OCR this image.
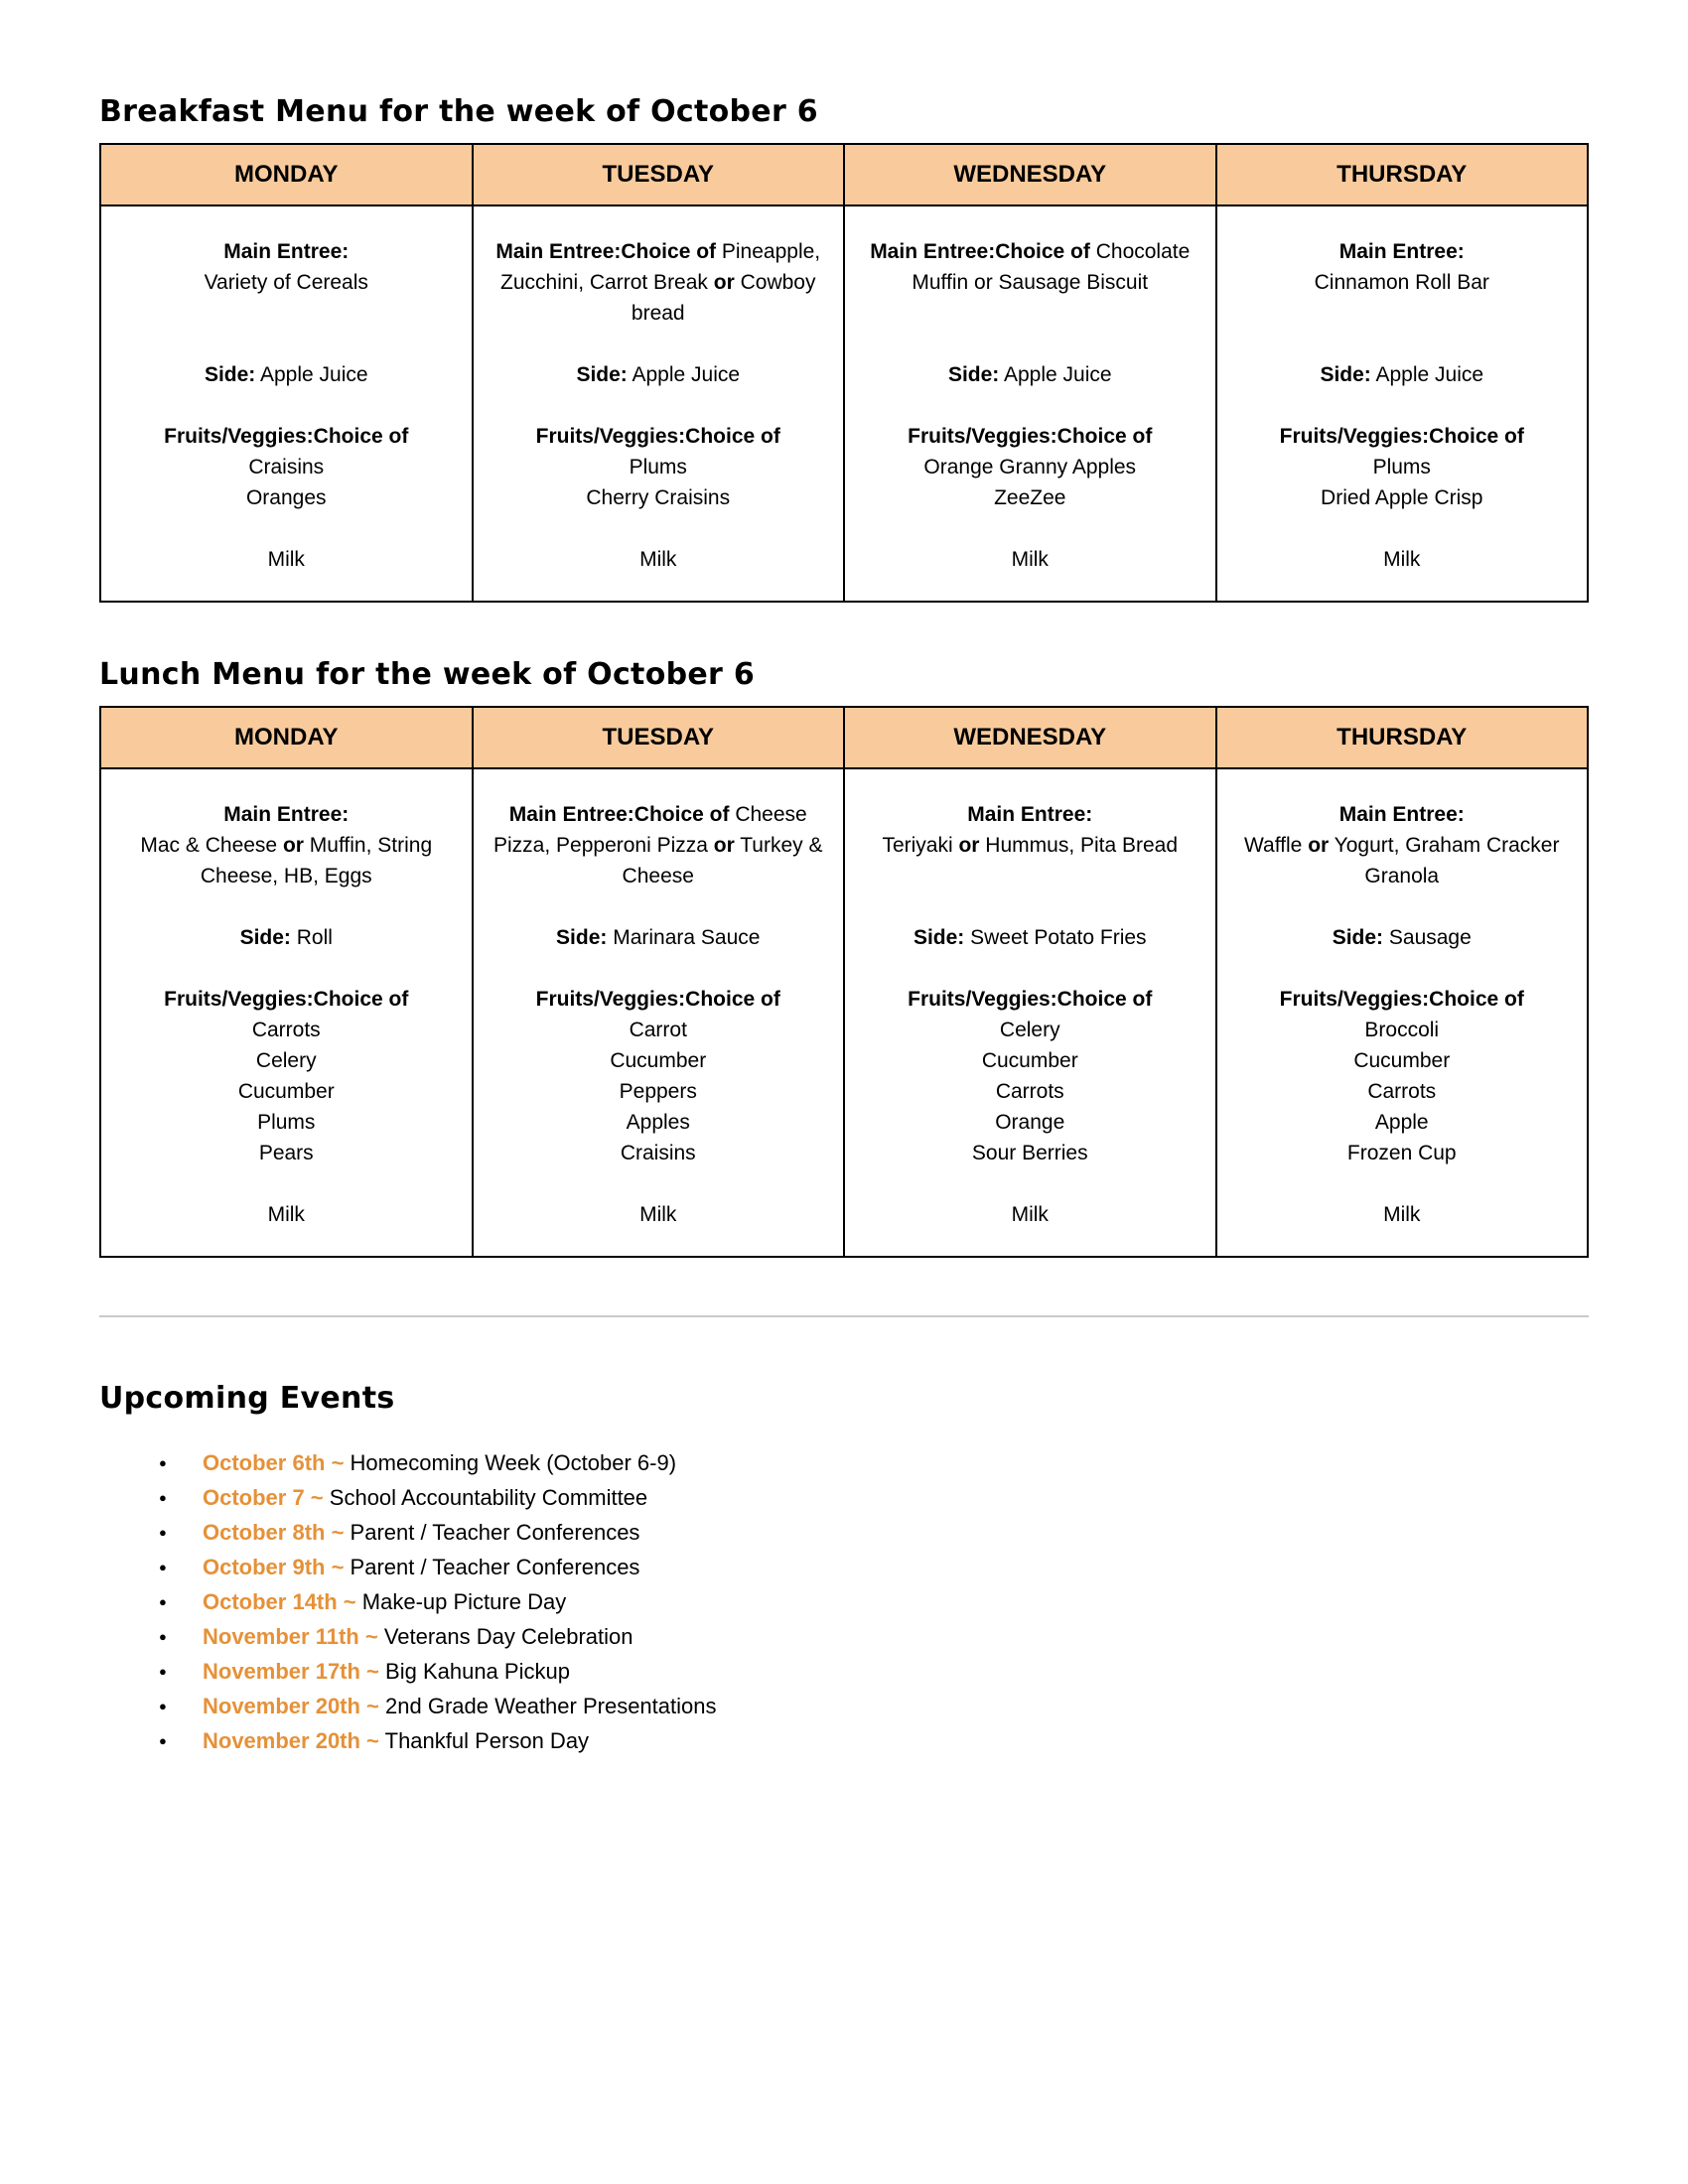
Breakfast Menu for the week of October 6
MONDAY	TUESDAY	WEDNESDAY	THURSDAY

Main Entree:
Variety of Cereals
Side: Apple Juice
Fruits/Veggies:Choice of
Craisins
Oranges
Milk

Main Entree:Choice of Pineapple, Zucchini, Carrot Break or Cowboy bread
Side: Apple Juice
Fruits/Veggies:Choice of
Plums
Cherry Craisins
Milk

Main Entree:Choice of Chocolate Muffin or Sausage Biscuit
Side: Apple Juice
Fruits/Veggies:Choice of
Orange Granny Apples
ZeeZee
Milk

Main Entree:
Cinnamon Roll Bar
Side: Apple Juice
Fruits/Veggies:Choice of
Plums
Dried Apple Crisp
Milk
Lunch Menu for the week of October 6
MONDAY	TUESDAY	WEDNESDAY	THURSDAY

Main Entree:
Mac & Cheese or Muffin, String Cheese, HB, Eggs
Side: Roll
Fruits/Veggies:Choice of
Carrots
Celery
Cucumber
Plums
Pears
Milk

Main Entree:Choice of Cheese Pizza, Pepperoni Pizza or Turkey & Cheese
Side: Marinara Sauce
Fruits/Veggies:Choice of
Carrot
Cucumber
Peppers
Apples
Craisins
Milk

Main Entree:
Teriyaki or Hummus, Pita Bread
Side: Sweet Potato Fries
Fruits/Veggies:Choice of
Celery
Cucumber
Carrots
Orange
Sour Berries
Milk

Main Entree:
Waffle or Yogurt, Graham Cracker Granola
Side: Sausage
Fruits/Veggies:Choice of
Broccoli
Cucumber
Carrots
Apple
Frozen Cup
Milk
Upcoming Events
● October 6th ~ Homecoming Week (October 6-9)
● October 7 ~ School Accountability Committee
● October 8th ~ Parent / Teacher Conferences
● October 9th ~ Parent / Teacher Conferences
● October 14th ~ Make-up Picture Day
● November 11th ~ Veterans Day Celebration
● November 17th ~ Big Kahuna Pickup
● November 20th ~ 2nd Grade Weather Presentations
● November 20th ~ Thankful Person Day
